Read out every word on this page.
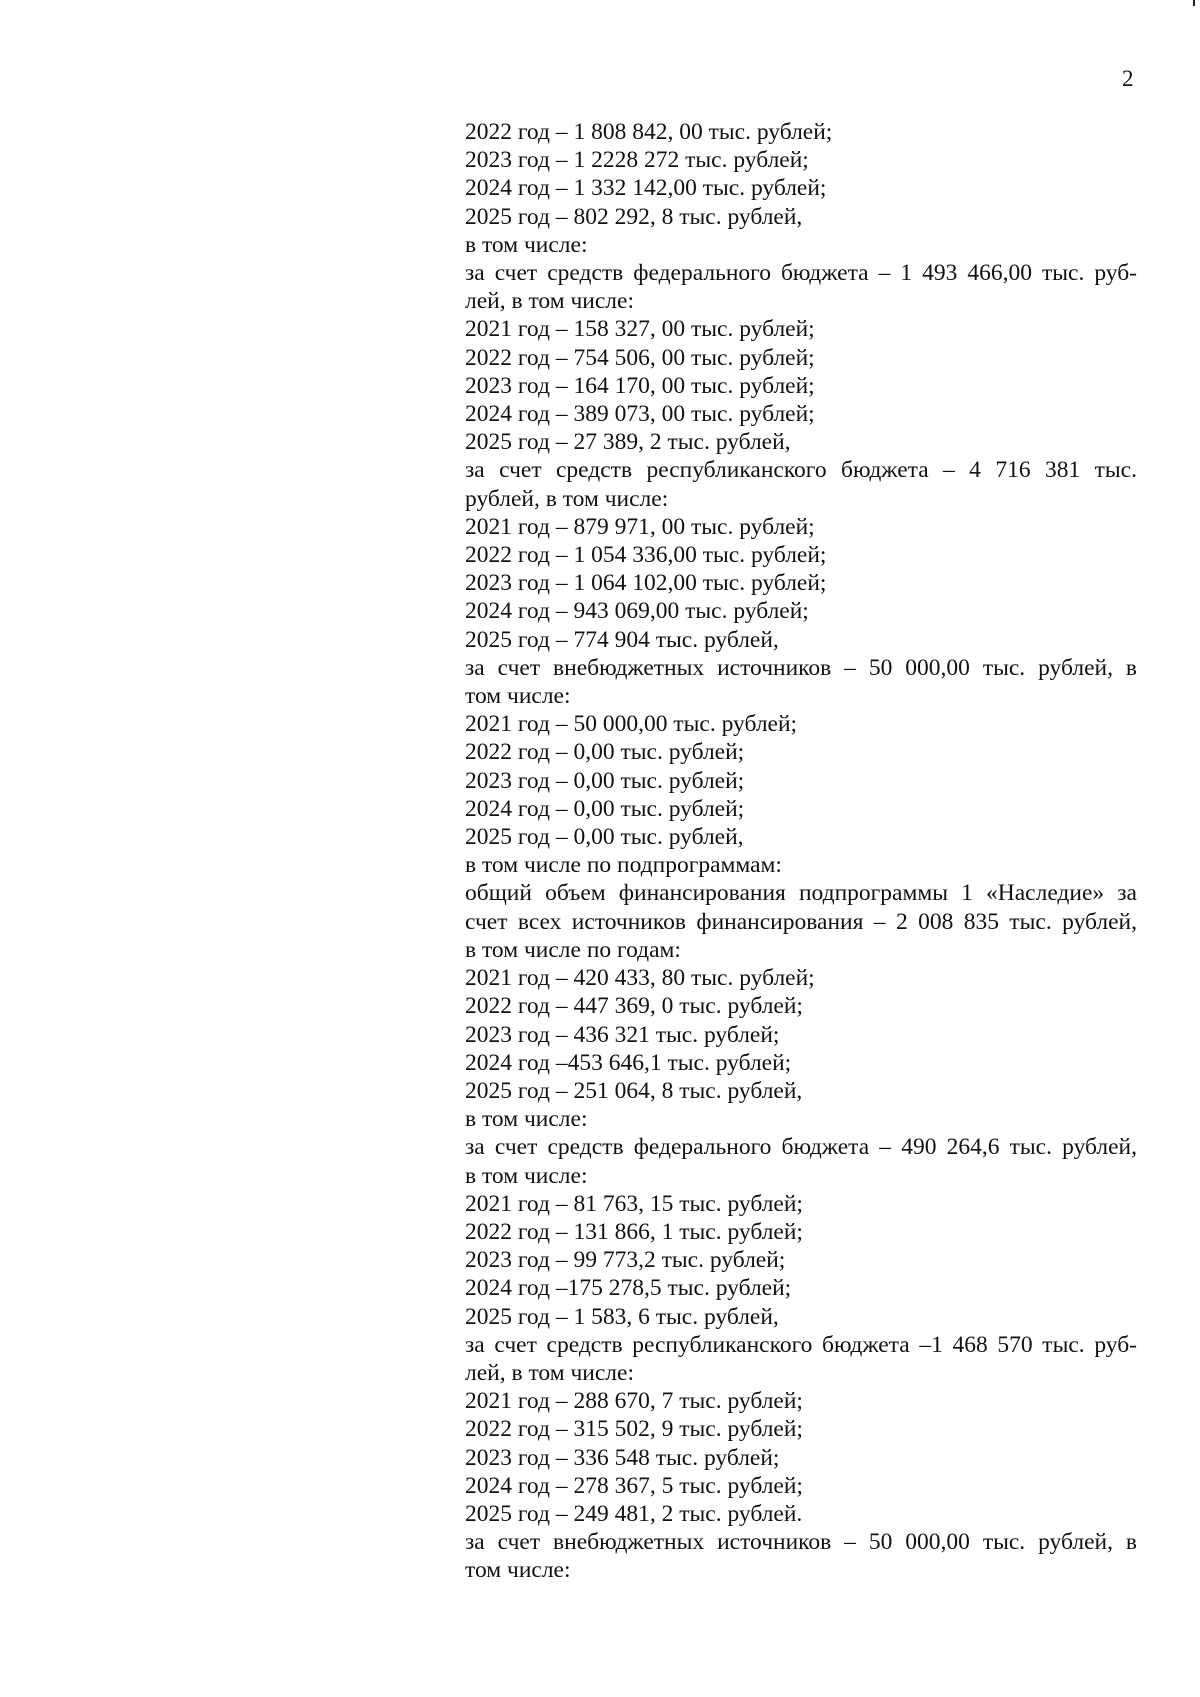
2
2022 год – 1 808 842, 00 тыс. рублей;
2023 год – 1 2228 272 тыс. рублей;
2024 год – 1 332 142,00 тыс. рублей;
2025 год – 802 292, 8 тыс. рублей,
в том числе:
за счет средств федерального бюджета – 1 493 466,00 тыс. руб-
лей, в том числе:
2021 год – 158 327, 00 тыс. рублей;
2022 год – 754 506, 00 тыс. рублей;
2023 год – 164 170, 00 тыс. рублей;
2024 год – 389 073, 00 тыс. рублей;
2025 год – 27 389, 2 тыс. рублей,
за счет средств республиканского бюджета – 4 716 381 тыс.
рублей, в том числе:
2021 год – 879 971, 00 тыс. рублей;
2022 год – 1 054 336,00 тыс. рублей;
2023 год – 1 064 102,00 тыс. рублей;
2024 год – 943 069,00 тыс. рублей;
2025 год – 774 904 тыс. рублей,
за счет внебюджетных источников – 50 000,00 тыс. рублей, в
том числе:
2021 год – 50 000,00 тыс. рублей;
2022 год – 0,00 тыс. рублей;
2023 год – 0,00 тыс. рублей;
2024 год – 0,00 тыс. рублей;
2025 год – 0,00 тыс. рублей,
в том числе по подпрограммам:
общий объем финансирования подпрограммы 1 «Наследие» за
счет всех источников финансирования – 2 008 835 тыс. рублей,
в том числе по годам:
2021 год – 420 433, 80 тыс. рублей;
2022 год – 447 369, 0 тыс. рублей;
2023 год – 436 321 тыс. рублей;
2024 год –453 646,1 тыс. рублей;
2025 год – 251 064, 8 тыс. рублей,
в том числе:
за счет средств федерального бюджета – 490 264,6 тыс. рублей,
в том числе:
2021 год – 81 763, 15 тыс. рублей;
2022 год – 131 866, 1 тыс. рублей;
2023 год – 99 773,2 тыс. рублей;
2024 год –175 278,5 тыс. рублей;
2025 год – 1 583, 6 тыс. рублей,
за счет средств республиканского бюджета –1 468 570 тыс. руб-
лей, в том числе:
2021 год – 288 670, 7 тыс. рублей;
2022 год – 315 502, 9 тыс. рублей;
2023 год – 336 548 тыс. рублей;
2024 год – 278 367, 5 тыс. рублей;
2025 год – 249 481, 2 тыс. рублей.
за счет внебюджетных источников – 50 000,00 тыс. рублей, в
том числе:
